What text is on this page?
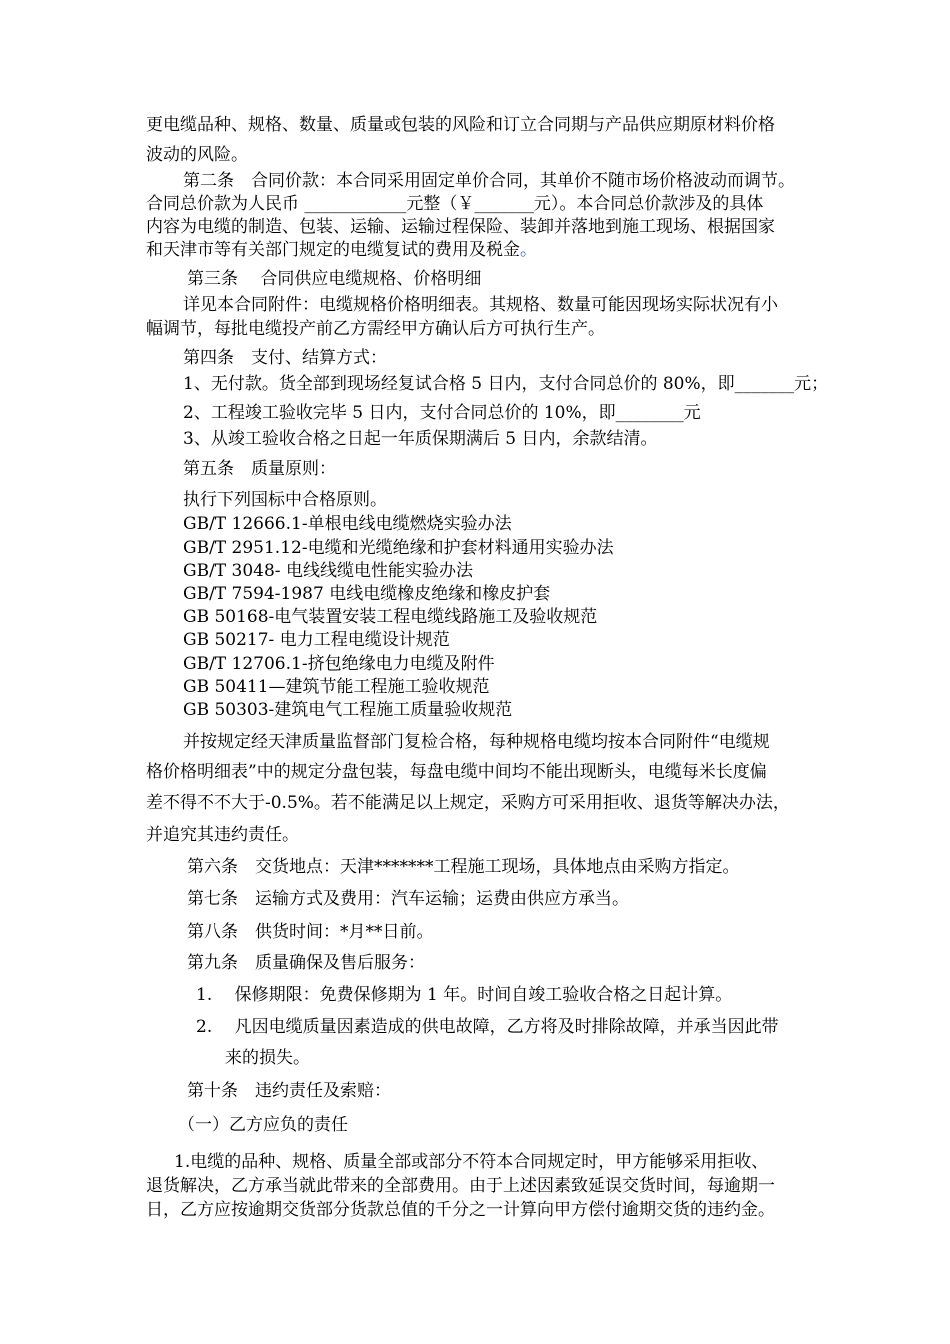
更电缆品种、规格、数量、质量或包装的风险和订立合同期与产品供应期原材料价格
波动的风险。
第二条　合同价款：本合同采用固定单价合同，其单价不随市场价格波动而调节。
合同总价款为人民币 ____________元整（￥_______元）。本合同总价款涉及的具体
内容为电缆的制造、包装、运输、运输过程保险、装卸并落地到施工现场、根据国家
和天津市等有关部门规定的电缆复试的费用及税金。
第三条　 合同供应电缆规格、价格明细
详见本合同附件：电缆规格价格明细表。其规格、数量可能因现场实际状况有小
幅调节，每批电缆投产前乙方需经甲方确认后方可执行生产。
第四条　支付、结算方式：
1、无付款。货全部到现场经复试合格 5 日内，支付合同总价的 80%，即_______元；
2、工程竣工验收完毕 5 日内，支付合同总价的 10%，即________元
3、从竣工验收合格之日起一年质保期满后 5 日内，余款结清。
第五条　质量原则：
执行下列国标中合格原则。
GB/T 12666.1-单根电线电缆燃烧实验办法
GB/T 2951.12-电缆和光缆绝缘和护套材料通用实验办法
GB/T 3048- 电线线缆电性能实验办法
GB/T 7594-1987 电线电缆橡皮绝缘和橡皮护套
GB 50168-电气装置安装工程电缆线路施工及验收规范
GB 50217- 电力工程电缆设计规范
GB/T 12706.1-挤包绝缘电力电缆及附件
GB 50411—建筑节能工程施工验收规范
GB 50303-建筑电气工程施工质量验收规范
并按规定经天津质量监督部门复检合格，每种规格电缆均按本合同附件“电缆规
格价格明细表”中的规定分盘包装，每盘电缆中间均不能出现断头，电缆每米长度偏
差不得不不大于-0.5%。若不能满足以上规定，采购方可采用拒收、退货等解决办法，
并追究其违约责任。
第六条　交货地点：天津*******工程施工现场，具体地点由采购方指定。
第七条　运输方式及费用：汽车运输；运费由供应方承当。
第八条　供货时间：*月**日前。
第九条　质量确保及售后服务：
1.　 保修期限：免费保修期为 1 年。时间自竣工验收合格之日起计算。
2.　 凡因电缆质量因素造成的供电故障，乙方将及时排除故障，并承当因此带
来的损失。
第十条　违约责任及索赔：
（一）乙方应负的责任
1.电缆的品种、规格、质量全部或部分不符本合同规定时，甲方能够采用拒收、
退货解决，乙方承当就此带来的全部费用。由于上述因素致延误交货时间，每逾期一
日，乙方应按逾期交货部分货款总值的千分之一计算向甲方偿付逾期交货的违约金。
